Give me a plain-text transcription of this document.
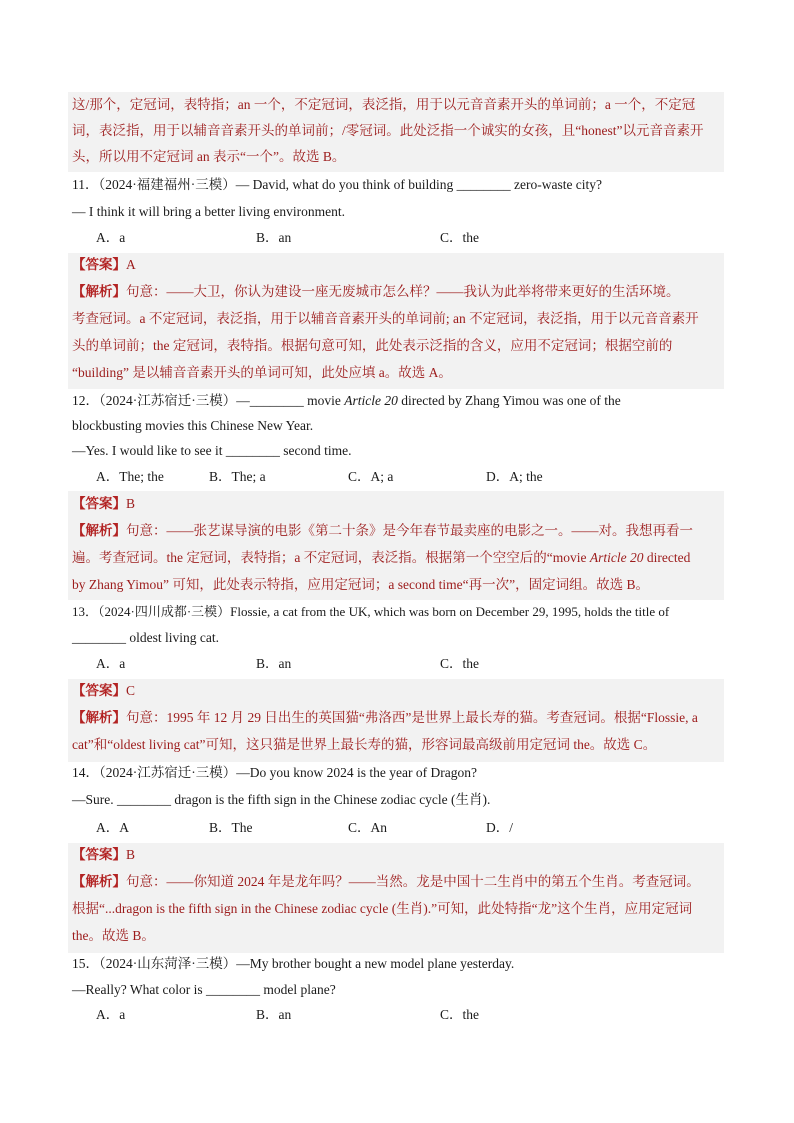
这/那个，定冠词，表特指；an 一个，不定冠词，表泛指，用于以元音音素开头的单词前；a 一个，不定冠
词，表泛指，用于以辅音音素开头的单词前；/零冠词。此处泛指一个诚实的女孩，且“honest”以元音音素开
头，所以用不定冠词 an 表示“一个”。故选 B。
11．（2024·福建福州·三模）— David, what do you think of building ________ zero-waste city?
— I think it will bring a better living environment.
A．a	B．an	C．the
【答案】A
【解析】句意：——大卫，你认为建设一座无废城市怎么样？——我认为此举将带来更好的生活环境。
考查冠词。a 不定冠词，表泛指，用于以辅音音素开头的单词前; an 不定冠词，表泛指，用于以元音音素开
头的单词前；the 定冠词，表特指。根据句意可知，此处表示泛指的含义，应用不定冠词；根据空前的
“building” 是以辅音音素开头的单词可知，此处应填 a。故选 A。
12．（2024·江苏宿迁·三模）—________ movie Article 20 directed by Zhang Yimou was one of the
blockbusting movies this Chinese New Year.
—Yes. I would like to see it ________ second time.
A．The; the	B．The; a	C．A; a	D．A; the
【答案】B
【解析】句意：——张艺谋导演的电影《第二十条》是今年春节最卖座的电影之一。——对。我想再看一
遍。考查冠词。the 定冠词，表特指；a 不定冠词，表泛指。根据第一个空空后的“movie Article 20 directed
by Zhang Yimou” 可知，此处表示特指，应用定冠词；a second time“再一次”，固定词组。故选 B。
13．（2024·四川成都·三模）Flossie, a cat from the UK, which was born on December 29, 1995, holds the title of
________ oldest living cat.
A．a	B．an	C．the
【答案】C
【解析】句意：1995 年 12 月 29 日出生的英国猫“弗洛西”是世界上最长寿的猫。考查冠词。根据“Flossie, a
cat”和“oldest living cat”可知，这只猫是世界上最长寿的猫，形容词最高级前用定冠词 the。故选 C。
14．（2024·江苏宿迁·三模）—Do you know 2024 is the year of Dragon?
—Sure. ________ dragon is the fifth sign in the Chinese zodiac cycle (生肖).
A．A	B．The	C．An	D．/
【答案】B
【解析】句意：——你知道 2024 年是龙年吗？——当然。龙是中国十二生肖中的第五个生肖。考查冠词。
根据“...dragon is the fifth sign in the Chinese zodiac cycle (生肖).”可知，此处特指“龙”这个生肖，应用定冠词
the。故选 B。
15．（2024·山东菏泽·三模）—My brother bought a new model plane yesterday.
—Really? What color is ________ model plane?
A．a	B．an	C．the
